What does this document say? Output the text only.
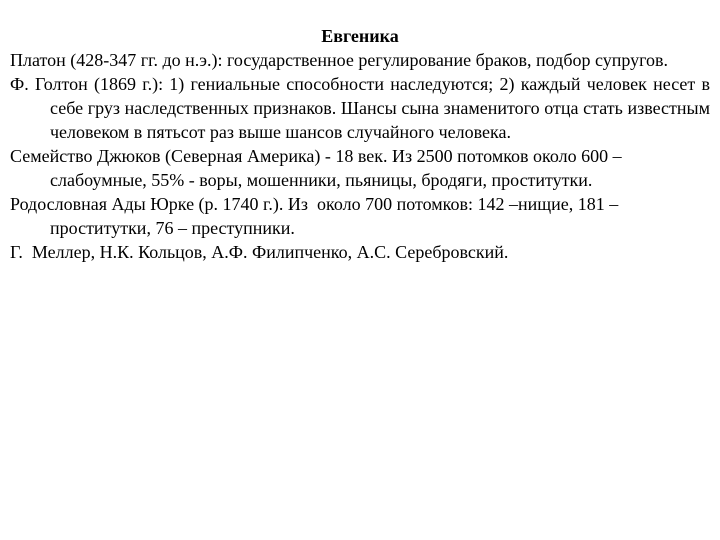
Евгеника

Платон (428-347 гг. до н.э.): государственное регулирование браков, подбор супругов.

Ф. Голтон (1869 г.): 1) гениальные способности наследуются; 2) каждый человек несет в себе груз наследственных признаков. Шансы сына знаменитого отца стать известным человеком в пятьсот раз выше шансов случайного человека.

Семейство Джюков (Северная Америка) - 18 век. Из 2500 потомков около 600 – слабоумные, 55% - воры, мошенники, пьяницы, бродяги, проститутки.

Родословная Ады Юрке (р. 1740 г.). Из  около 700 потомков: 142 –нищие, 181 – проститутки, 76 – преступники.

Г.  Меллер, Н.К. Кольцов, А.Ф. Филипченко, А.С. Серебровский.
